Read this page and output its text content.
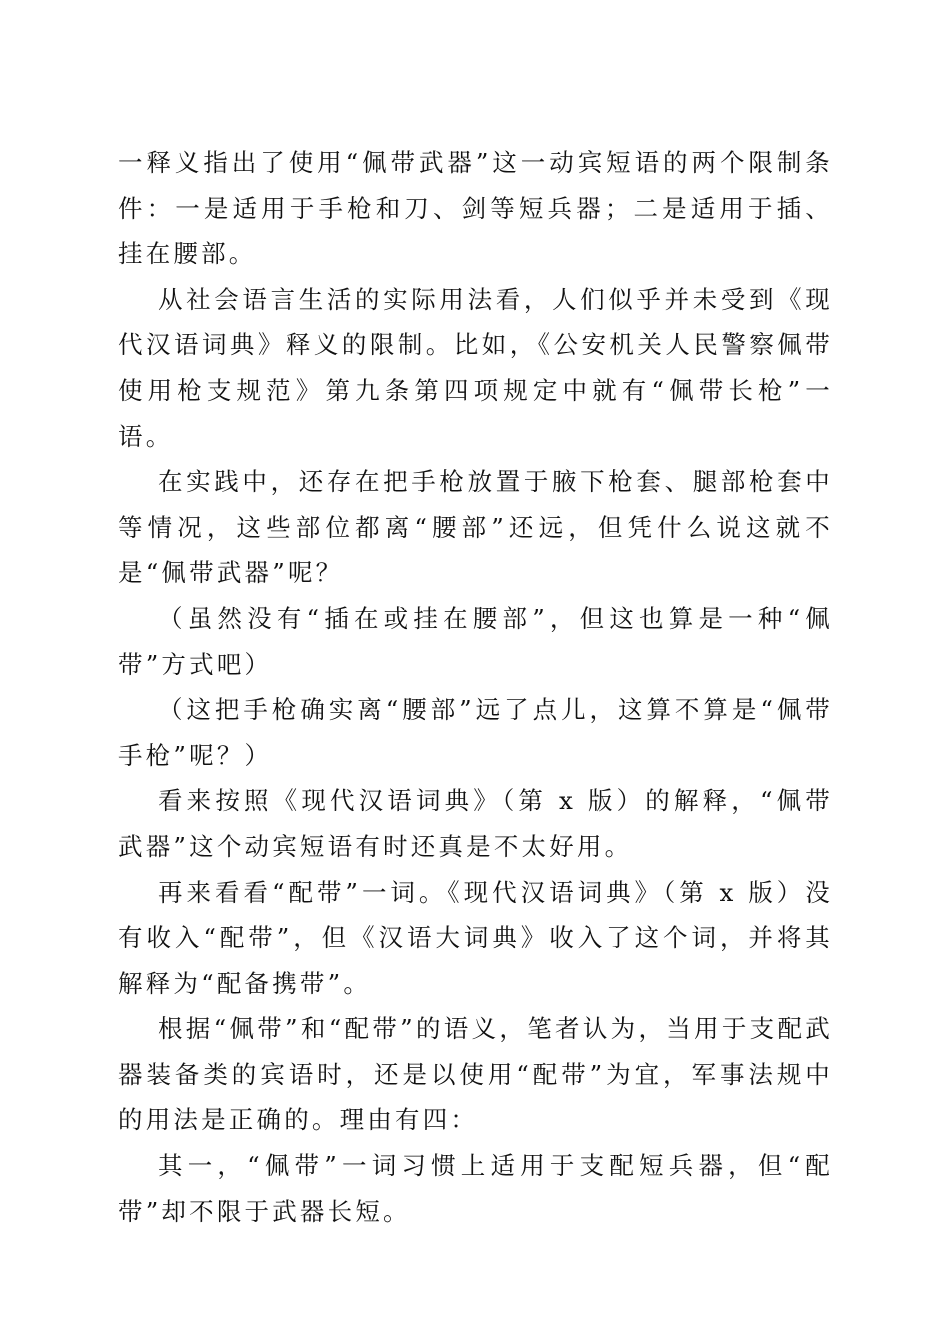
一释义指出了使用“佩带武器”这一动宾短语的两个限制条件：一是适用于手枪和刀、剑等短兵器；二是适用于插、挂在腰部。

从社会语言生活的实际用法看，人们似乎并未受到《现代汉语词典》释义的限制。比如，《公安机关人民警察佩带使用枪支规范》第九条第四项规定中就有“佩带长枪”一语。

在实践中，还存在把手枪放置于腋下枪套、腿部枪套中等情况，这些部位都离“腰部”还远，但凭什么说这就不是“佩带武器”呢？

（虽然没有“插在或挂在腰部”，但这也算是一种“佩带”方式吧）

（这把手枪确实离“腰部”远了点儿，这算不算是“佩带手枪”呢？）

看来按照《现代汉语词典》（第 x 版）的解释，“佩带武器”这个动宾短语有时还真是不太好用。

再来看看“配带”一词。《现代汉语词典》（第 x 版）没有收入“配带”，但《汉语大词典》收入了这个词，并将其解释为“配备携带”。

根据“佩带”和“配带”的语义，笔者认为，当用于支配武器装备类的宾语时，还是以使用“配带”为宜，军事法规中的用法是正确的。理由有四：

其一，“佩带”一词习惯上适用于支配短兵器，但“配带”却不限于武器长短。
